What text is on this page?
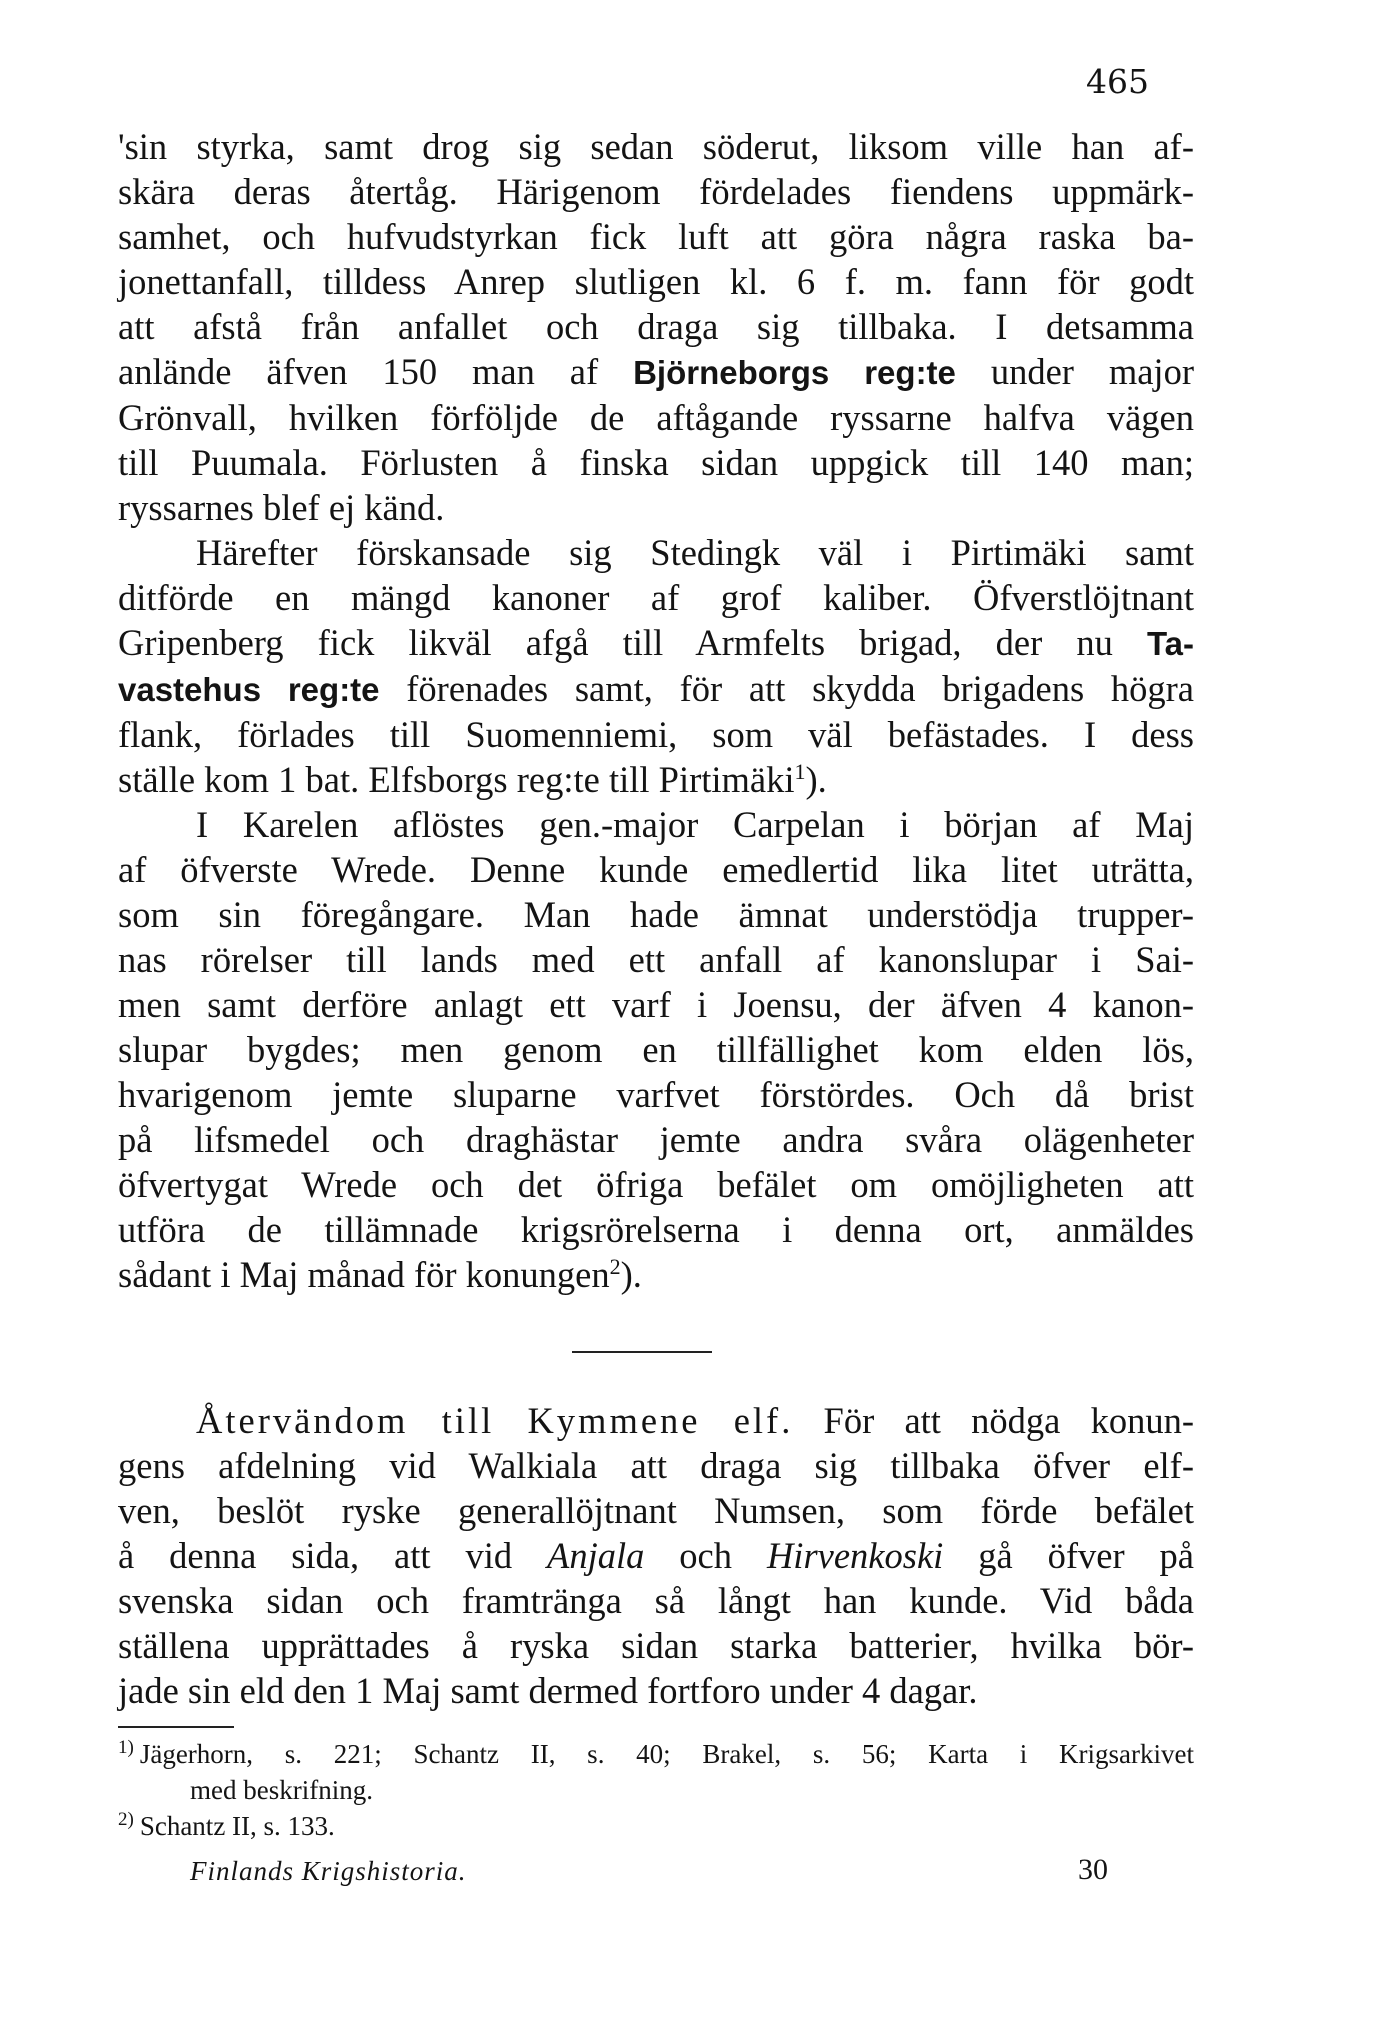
465
'sin styrka, samt drog sig sedan söderut, liksom ville han af-
skära deras återtåg. Härigenom fördelades fiendens uppmärk-
samhet, och hufvudstyrkan fick luft att göra några raska ba-
jonettanfall, tilldess Anrep slutligen kl. 6 f. m. fann för godt
att afstå från anfallet och draga sig tillbaka. I detsamma
anlände äfven 150 man af Björneborgs reg:te under major
Grönvall, hvilken förföljde de aftågande ryssarne halfva vägen
till Puumala. Förlusten å finska sidan uppgick till 140 man;
ryssarnes blef ej känd.
Härefter förskansade sig Stedingk väl i Pirtimäki samt
ditförde en mängd kanoner af grof kaliber. Öfverstlöjtnant
Gripenberg fick likväl afgå till Armfelts brigad, der nu Ta-
vastehus reg:te förenades samt, för att skydda brigadens högra
flank, förlades till Suomenniemi, som väl befästades. I dess
ställe kom 1 bat. Elfsborgs reg:te till Pirtimäki$^1$).
I Karelen aflöstes gen.-major Carpelan i början af Maj
af öfverste Wrede. Denne kunde emedlertid lika litet uträtta,
som sin föregångare. Man hade ämnat understödja trupper-
nas rörelser till lands med ett anfall af kanonslupar i Sai-
men samt derföre anlagt ett varf i Joensu, der äfven 4 kanon-
slupar bygdes; men genom en tillfällighet kom elden lös,
hvarigenom jemte sluparne varfvet förstördes. Och då brist
på lifsmedel och draghästar jemte andra svåra olägenheter
öfvertygat Wrede och det öfriga befälet om omöjligheten att
utföra de tillämnade krigsrörelserna i denna ort, anmäldes
sådant i Maj månad för konungen$^2$).
Återvändom till Kymmene elf. För att nödga konun-
gens afdelning vid Walkiala att draga sig tillbaka öfver elf-
ven, beslöt ryske generallöjtnant Numsen, som förde befälet
å denna sida, att vid Anjala och Hirvenkoski gå öfver på
svenska sidan och framtränga så långt han kunde. Vid båda
ställena upprättades å ryska sidan starka batterier, hvilka bör-
jade sin eld den 1 Maj samt dermed fortforo under 4 dagar.
$^{1)}$ Jägerhorn, s. 221; Schantz II, s. 40; Brakel, s. 56; Karta i Krigsarkivet
med beskrifning.
$^{2)}$ Schantz II, s. 133.
Finlands Krigshistoria.	30
